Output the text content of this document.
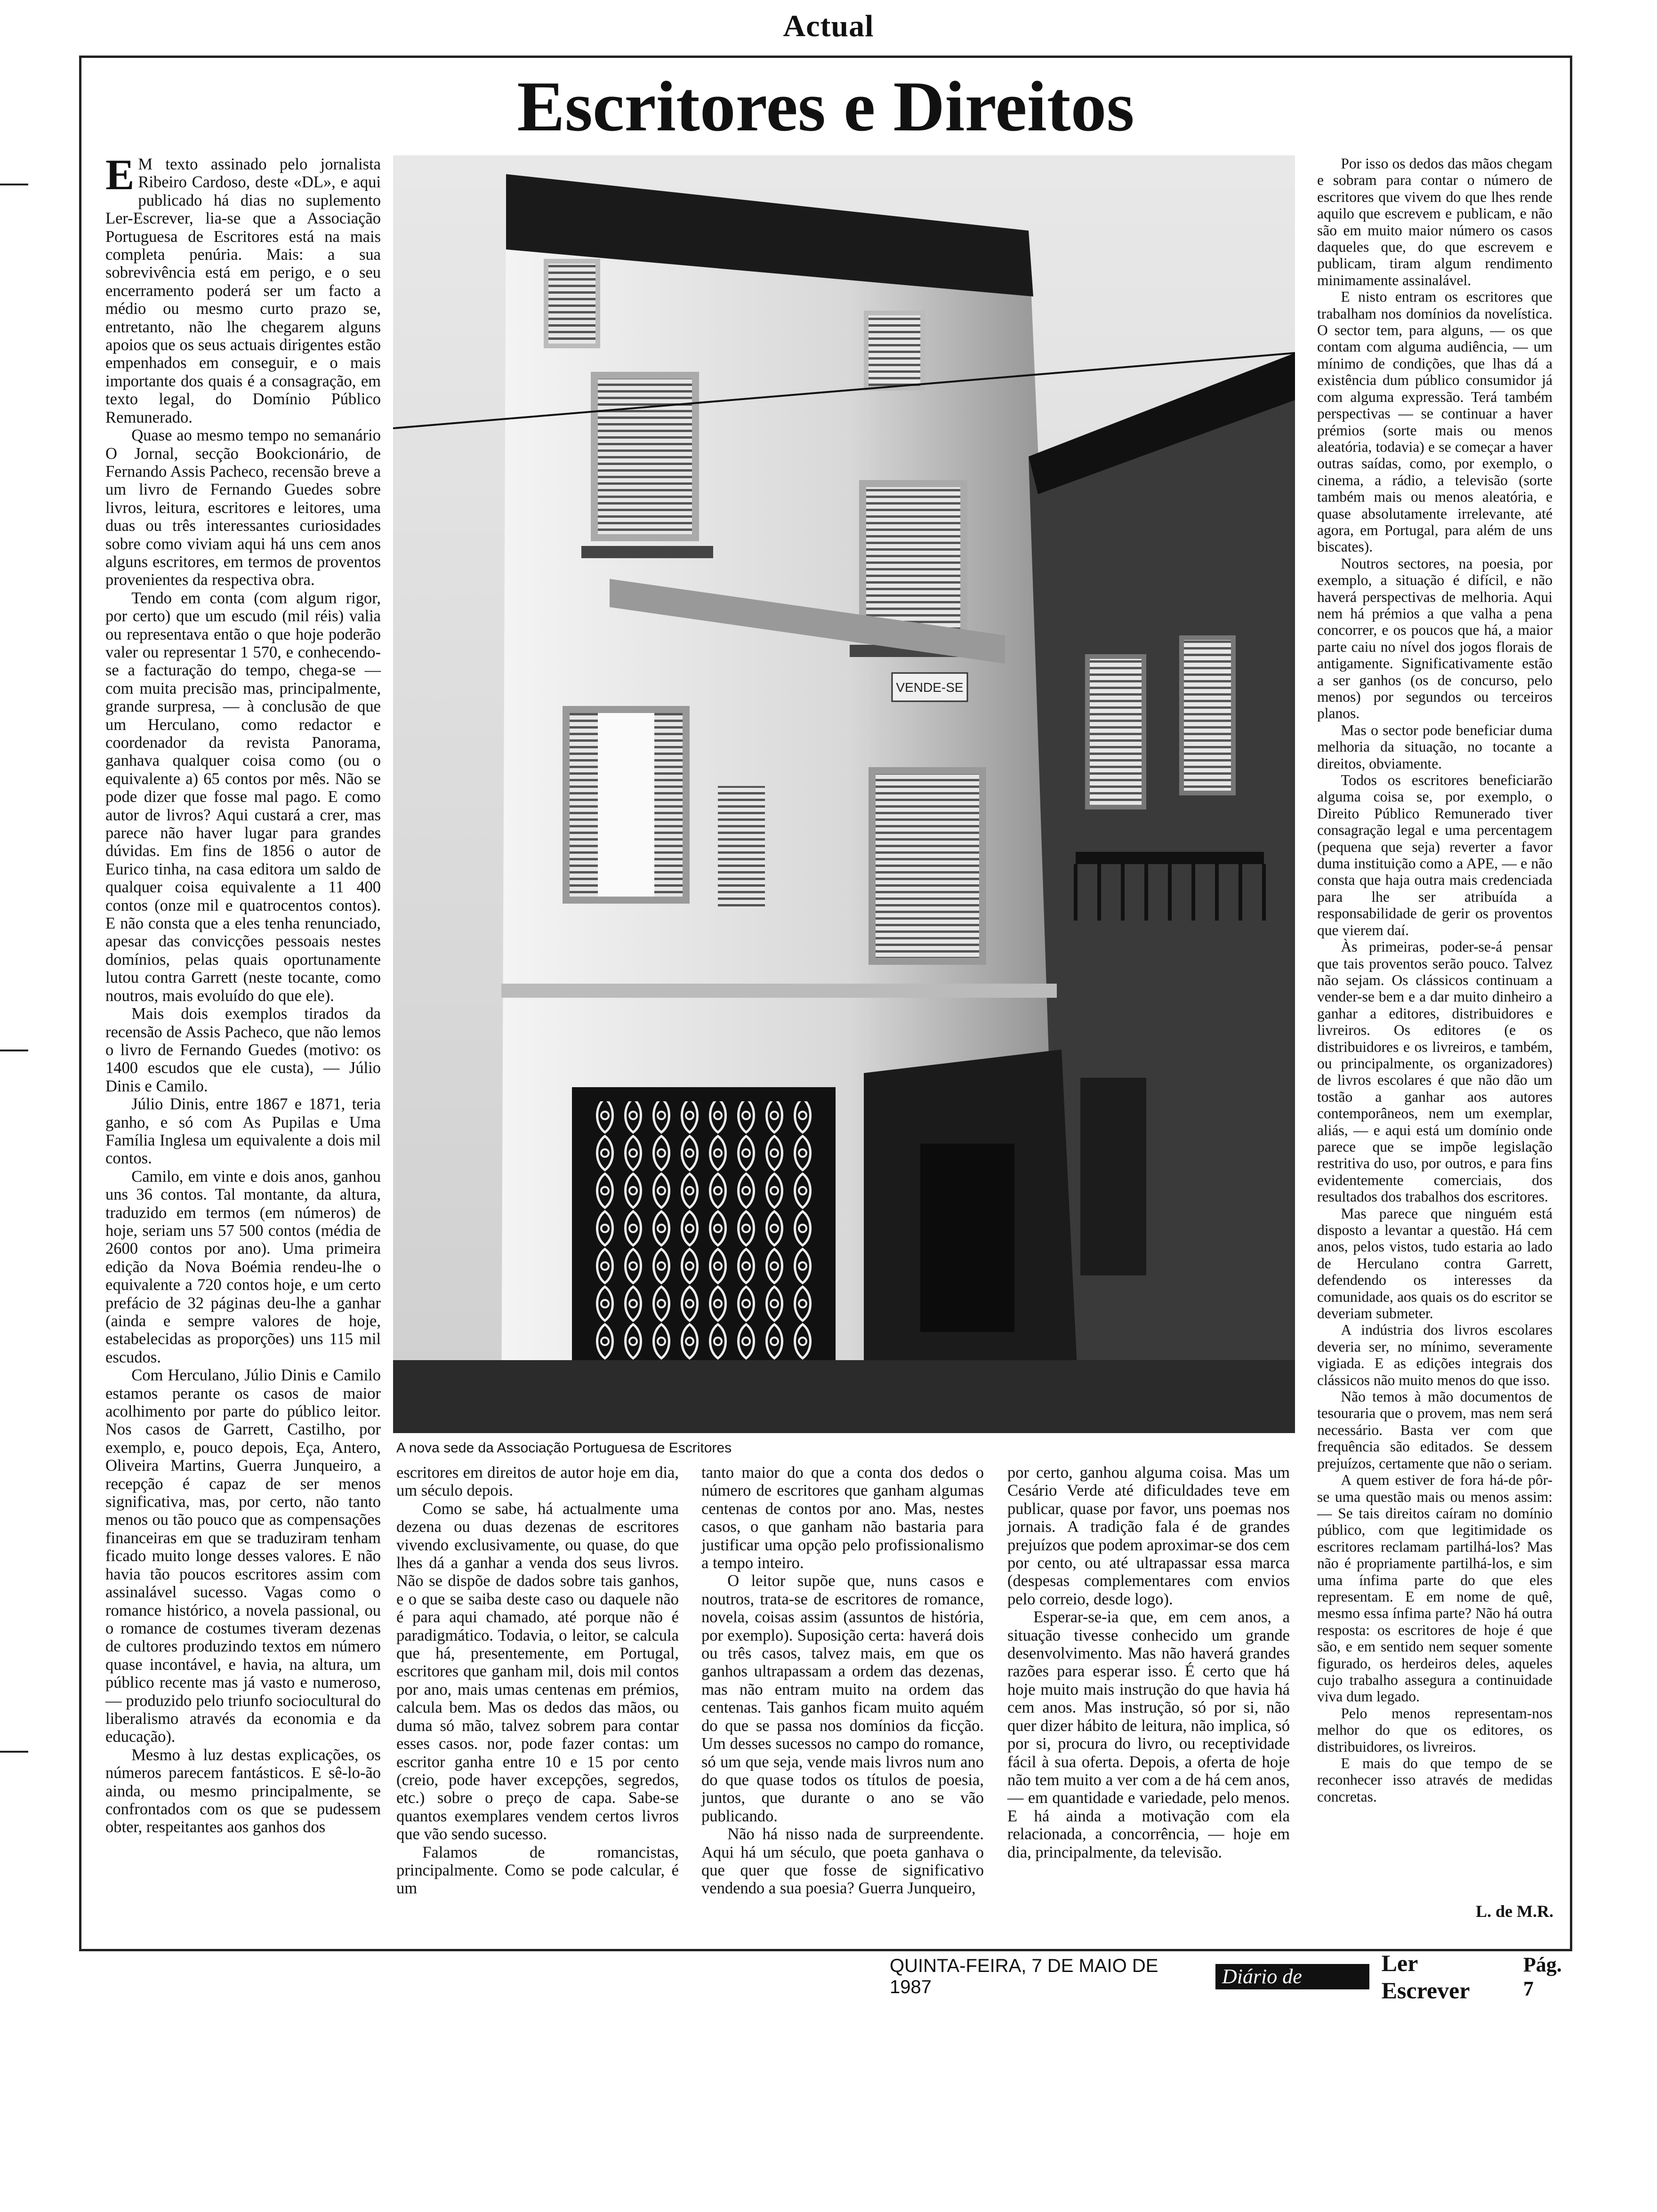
Actual
Escritores e Direitos

E M texto assinado pelo jornalista Ribeiro Cardoso, deste «DL», e aqui publicado há dias no suplemento Ler-Escrever, lia-se que a Associação Portuguesa de Escritores está na mais completa penúria. Mais: a sua sobrevivência está em perigo, e o seu encerramento poderá ser um facto a médio ou mesmo curto prazo se, entretanto, não lhe chegarem alguns apoios que os seus actuais dirigentes estão empenhados em conseguir, e o mais importante dos quais é a consagração, em texto legal, do Domínio Público Remunerado.

Quase ao mesmo tempo no semanário O Jornal, secção Bookcionário, de Fernando Assis Pacheco, recensão breve a um livro de Fernando Guedes sobre livros, leitura, escritores e leitores, uma duas ou três interessantes curiosidades sobre como viviam aqui há uns cem anos alguns escritores, em termos de proventos provenientes da respectiva obra.

Tendo em conta (com algum rigor, por certo) que um escudo (mil réis) valia ou representava então o que hoje poderão valer ou representar 1 570, e conhecendo-se a facturação do tempo, chega-se — com muita precisão mas, principalmente, grande surpresa, — à conclusão de que um Herculano, como redactor e coordenador da revista Panorama, ganhava qualquer coisa como (ou o equivalente a) 65 contos por mês. Não se pode dizer que fosse mal pago. E como autor de livros? Aqui custará a crer, mas parece não haver lugar para grandes dúvidas. Em fins de 1856 o autor de Eurico tinha, na casa editora um saldo de qualquer coisa equivalente a 11 400 contos (onze mil e quatrocentos contos). E não consta que a eles tenha renunciado, apesar das convicções pessoais nestes domínios, pelas quais oportunamente lutou contra Garrett (neste tocante, como noutros, mais evoluído do que ele).

Mais dois exemplos tirados da recensão de Assis Pacheco, que não lemos o livro de Fernando Guedes (motivo: os 1400 escudos que ele custa), — Júlio Dinis e Camilo.

Júlio Dinis, entre 1867 e 1871, teria ganho, e só com As Pupilas e Uma Família Inglesa um equivalente a dois mil contos.

Camilo, em vinte e dois anos, ganhou uns 36 contos. Tal montante, da altura, traduzido em termos (em números) de hoje, seriam uns 57 500 contos (média de 2600 contos por ano). Uma primeira edição da Nova Boémia rendeu-lhe o equivalente a 720 contos hoje, e um certo prefácio de 32 páginas deu-lhe a ganhar (ainda e sempre valores de hoje, estabelecidas as proporções) uns 115 mil escudos.

Com Herculano, Júlio Dinis e Camilo estamos perante os casos de maior acolhimento por parte do público leitor. Nos casos de Garrett, Castilho, por exemplo, e, pouco depois, Eça, Antero, Oliveira Martins, Guerra Junqueiro, a recepção é capaz de ser menos significativa, mas, por certo, não tanto menos ou tão pouco que as compensações financeiras em que se traduziram tenham ficado muito longe desses valores. E não havia tão poucos escritores assim com assinalável sucesso. Vagas como o romance histórico, a novela passional, ou o romance de costumes tiveram dezenas de cultores produzindo textos em número quase incontável, e havia, na altura, um público recente mas já vasto e numeroso, — produzido pelo triunfo sociocultural do liberalismo através da economia e da educação).

Mesmo à luz destas explicações, os números parecem fantásticos. E sê-lo-ão ainda, ou mesmo principalmente, se confrontados com os que se pudessem obter, respeitantes aos ganhos dos

VENDE-SE
A nova sede da Associação Portuguesa de Escritores

escritores em direitos de autor hoje em dia, um século depois.

Como se sabe, há actualmente uma dezena ou duas dezenas de escritores vivendo exclusivamente, ou quase, do que lhes dá a ganhar a venda dos seus livros. Não se dispõe de dados sobre tais ganhos, e o que se saiba deste caso ou daquele não é para aqui chamado, até porque não é paradigmático. Todavia, o leitor, se calcula que há, presentemente, em Portugal, escritores que ganham mil, dois mil contos por ano, mais umas centenas em prémios, calcula bem. Mas os dedos das mãos, ou duma só mão, talvez sobrem para contar esses casos. nor, pode fazer contas: um escritor ganha entre 10 e 15 por cento (creio, pode haver excepções, segredos, etc.) sobre o preço de capa. Sabe-se quantos exemplares vendem certos livros que vão sendo sucesso.

Falamos de romancistas, principalmente. Como se pode calcular, é um

tanto maior do que a conta dos dedos o número de escritores que ganham algumas centenas de contos por ano. Mas, nestes casos, o que ganham não bastaria para justificar uma opção pelo profissionalismo a tempo inteiro.

O leitor supõe que, nuns casos e noutros, trata-se de escritores de romance, novela, coisas assim (assuntos de história, por exemplo). Suposição certa: haverá dois ou três casos, talvez mais, em que os ganhos ultrapassam a ordem das dezenas, mas não entram muito na ordem das centenas. Tais ganhos ficam muito aquém do que se passa nos domínios da ficção. Um desses sucessos no campo do romance, só um que seja, vende mais livros num ano do que quase todos os títulos de poesia, juntos, que durante o ano se vão publicando.

Não há nisso nada de surpreendente. Aqui há um século, que poeta ganhava o que quer que fosse de significativo vendendo a sua poesia? Guerra Junqueiro,

por certo, ganhou alguma coisa. Mas um Cesário Verde até dificuldades teve em publicar, quase por favor, uns poemas nos jornais. A tradição fala é de grandes prejuízos que podem aproximar-se dos cem por cento, ou até ultrapassar essa marca (despesas complementares com envios pelo correio, desde logo).

Esperar-se-ia que, em cem anos, a situação tivesse conhecido um grande desenvolvimento. Mas não haverá grandes razões para esperar isso. É certo que há hoje muito mais instrução do que havia há cem anos. Mas instrução, só por si, não quer dizer hábito de leitura, não implica, só por si, procura do livro, ou receptividade fácil à sua oferta. Depois, a oferta de hoje não tem muito a ver com a de há cem anos, — em quantidade e variedade, pelo menos. E há ainda a motivação com ela relacionada, a concorrência, — hoje em dia, principalmente, da televisão.

Por isso os dedos das mãos chegam e sobram para contar o número de escritores que vivem do que lhes rende aquilo que escrevem e publicam, e não são em muito maior número os casos daqueles que, do que escrevem e publicam, tiram algum rendimento minimamente assinalável.

E nisto entram os escritores que trabalham nos domínios da novelística. O sector tem, para alguns, — os que contam com alguma audiência, — um mínimo de condições, que lhas dá a existência dum público consumidor já com alguma expressão. Terá também perspectivas — se continuar a haver prémios (sorte mais ou menos aleatória, todavia) e se começar a haver outras saídas, como, por exemplo, o cinema, a rádio, a televisão (sorte também mais ou menos aleatória, e quase absolutamente irrelevante, até agora, em Portugal, para além de uns biscates).

Noutros sectores, na poesia, por exemplo, a situação é difícil, e não haverá perspectivas de melhoria. Aqui nem há prémios a que valha a pena concorrer, e os poucos que há, a maior parte caiu no nível dos jogos florais de antigamente. Significativamente estão a ser ganhos (os de concurso, pelo menos) por segundos ou terceiros planos.

Mas o sector pode beneficiar duma melhoria da situação, no tocante a direitos, obviamente.

Todos os escritores beneficiarão alguma coisa se, por exemplo, o Direito Público Remunerado tiver consagração legal e uma percentagem (pequena que seja) reverter a favor duma instituição como a APE, — e não consta que haja outra mais credenciada para lhe ser atribuída a responsabilidade de gerir os proventos que vierem daí.

Às primeiras, poder-se-á pensar que tais proventos serão pouco. Talvez não sejam. Os clássicos continuam a vender-se bem e a dar muito dinheiro a ganhar a editores, distribuidores e livreiros. Os editores (e os distribuidores e os livreiros, e também, ou principalmente, os organizadores) de livros escolares é que não dão um tostão a ganhar aos autores contemporâneos, nem um exemplar, aliás, — e aqui está um domínio onde parece que se impõe legislação restritiva do uso, por outros, e para fins evidentemente comerciais, dos resultados dos trabalhos dos escritores.

Mas parece que ninguém está disposto a levantar a questão. Há cem anos, pelos vistos, tudo estaria ao lado de Herculano contra Garrett, defendendo os interesses da comunidade, aos quais os do escritor se deveriam submeter.

A indústria dos livros escolares deveria ser, no mínimo, severamente vigiada. E as edições integrais dos clássicos não muito menos do que isso.

Não temos à mão documentos de tesouraria que o provem, mas nem será necessário. Basta ver com que frequência são editados. Se dessem prejuízos, certamente que não o seriam.

A quem estiver de fora há-de pôr-se uma questão mais ou menos assim: — Se tais direitos caíram no domínio público, com que legitimidade os escritores reclamam partilhá-los? Mas não é propriamente partilhá-los, e sim uma ínfima parte do que eles representam. E em nome de quê, mesmo essa ínfima parte? Não há outra resposta: os escritores de hoje é que são, e em sentido nem sequer somente figurado, os herdeiros deles, aqueles cujo trabalho assegura a continuidade viva dum legado.

Pelo menos representam-nos melhor do que os editores, os distribuidores, os livreiros.

E mais do que tempo de se reconhecer isso através de medidas concretas.

L. de M.R.
QUINTA-FEIRA, 7 DE MAIO DE 1987	Diário de Lisboa
Ler Escrever
Pág. 7
